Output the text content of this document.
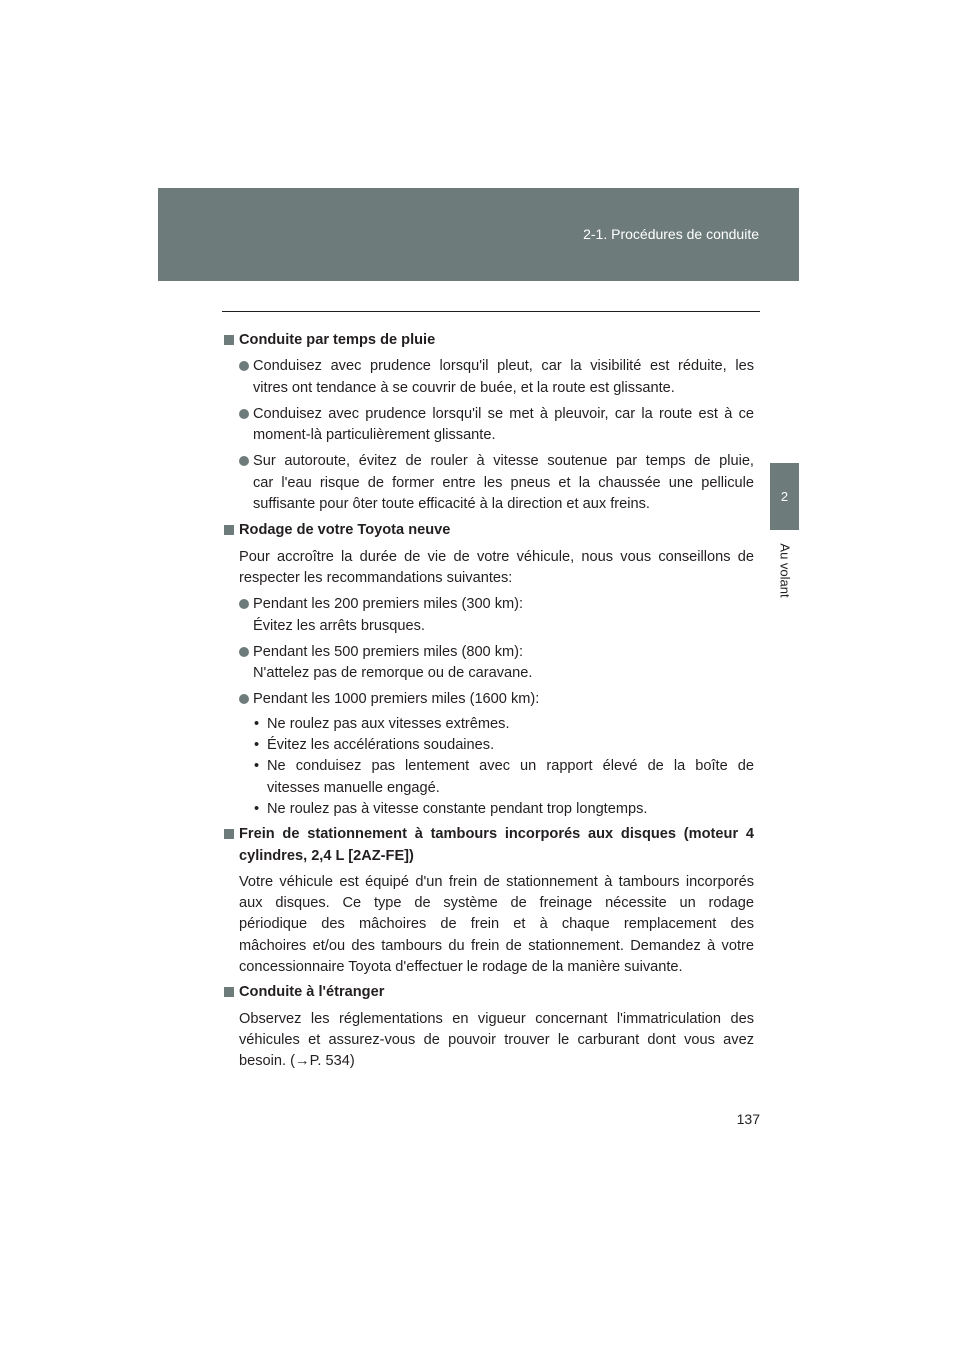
2-1. Procédures de conduite
2
Au volant
Conduite par temps de pluie
Conduisez avec prudence lorsqu'il pleut, car la visibilité est réduite, les
vitres ont tendance à se couvrir de buée, et la route est glissante.
Conduisez avec prudence lorsqu'il se met à pleuvoir, car la route est à ce
moment-là particulièrement glissante.
Sur autoroute, évitez de rouler à vitesse soutenue par temps de pluie,
car l'eau risque de former entre les pneus et la chaussée une pellicule
suffisante pour ôter toute efficacité à la direction et aux freins.
Rodage de votre Toyota neuve
Pour accroître la durée de vie de votre véhicule, nous vous conseillons de
respecter les recommandations suivantes:
Pendant les 200 premiers miles (300 km):
Évitez les arrêts brusques.
Pendant les 500 premiers miles (800 km):
N'attelez pas de remorque ou de caravane.
Pendant les 1000 premiers miles (1600 km):
• Ne roulez pas aux vitesses extrêmes.
• Évitez les accélérations soudaines.
• Ne conduisez pas lentement avec un rapport élevé de la boîte de
vitesses manuelle engagé.
• Ne roulez pas à vitesse constante pendant trop longtemps.
Frein de stationnement à tambours incorporés aux disques (moteur 4
cylindres, 2,4 L [2AZ-FE])
Votre véhicule est équipé d'un frein de stationnement à tambours incorporés
aux disques. Ce type de système de freinage nécessite un rodage
périodique des mâchoires de frein et à chaque remplacement des
mâchoires et/ou des tambours du frein de stationnement. Demandez à votre
concessionnaire Toyota d'effectuer le rodage de la manière suivante.
Conduite à l'étranger
Observez les réglementations en vigueur concernant l'immatriculation des
véhicules et assurez-vous de pouvoir trouver le carburant dont vous avez
besoin. (→P. 534)
137
